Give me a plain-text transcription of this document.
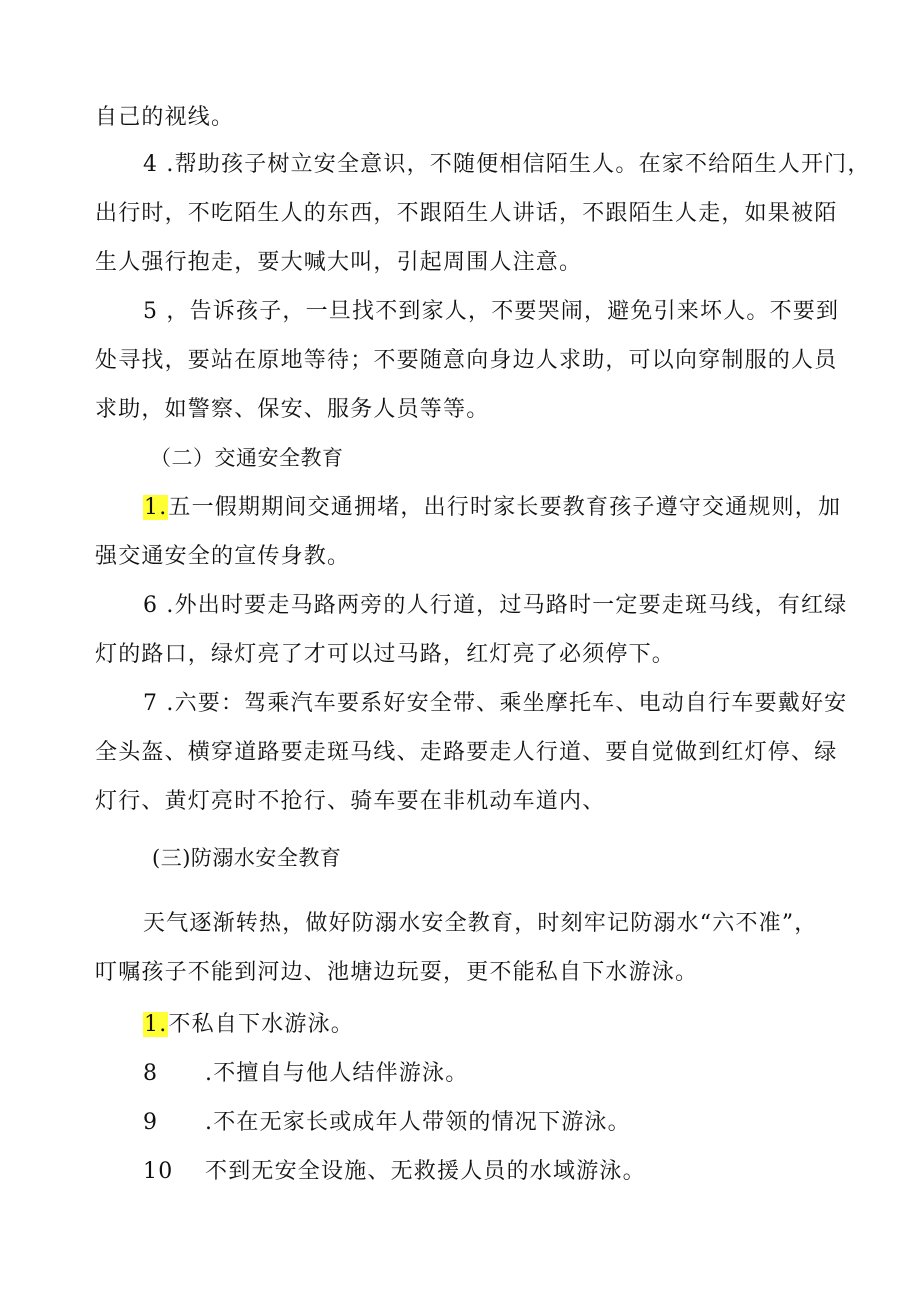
自己的视线。
4 .帮助孩子树立安全意识，不随便相信陌生人。在家不给陌生人开门，
出行时，不吃陌生人的东西，不跟陌生人讲话，不跟陌生人走，如果被陌
生人强行抱走，要大喊大叫，引起周围人注意。
5 ，告诉孩子，一旦找不到家人，不要哭闹，避免引来坏人。不要到
处寻找，要站在原地等待；不要随意向身边人求助，可以向穿制服的人员
求助，如警察、保安、服务人员等等。
（二）交通安全教育
1.五一假期期间交通拥堵，出行时家长要教育孩子遵守交通规则，加
强交通安全的宣传身教。
6 .外出时要走马路两旁的人行道，过马路时一定要走斑马线，有红绿
灯的路口，绿灯亮了才可以过马路，红灯亮了必须停下。
7 .六要：驾乘汽车要系好安全带、乘坐摩托车、电动自行车要戴好安
全头盔、横穿道路要走斑马线、走路要走人行道、要自觉做到红灯停、绿
灯行、黄灯亮时不抢行、骑车要在非机动车道内、
(三)防溺水安全教育
天气逐渐转热，做好防溺水安全教育，时刻牢记防溺水“六不准”，
叮嘱孩子不能到河边、池塘边玩耍，更不能私自下水游泳。
1.不私自下水游泳。
8 .不擅自与他人结伴游泳。
9 .不在无家长或成年人带领的情况下游泳。
10 不到无安全设施、无救援人员的水域游泳。
